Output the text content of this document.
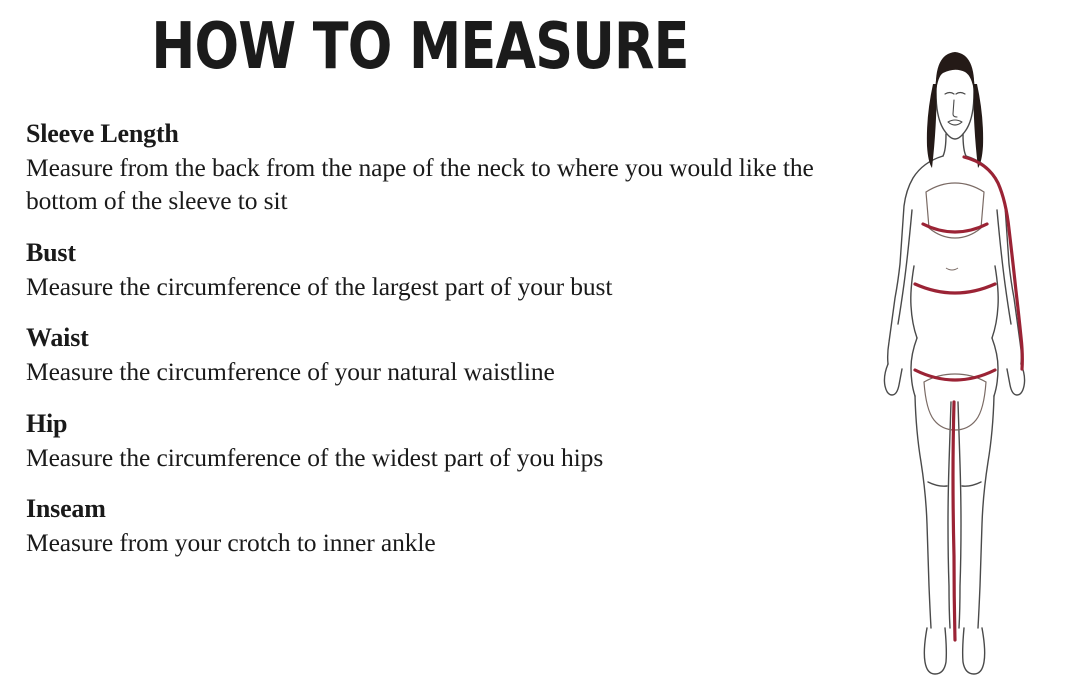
HOW TO MEASURE
Sleeve Length
Measure from the back from the nape of the neck to where you would like the bottom of the sleeve to sit
Bust
Measure the circumference of the largest part of your bust
Waist
Measure the circumference of your natural waistline
Hip
Measure the circumference of the widest part of you hips
Inseam
Measure from your crotch to inner ankle
